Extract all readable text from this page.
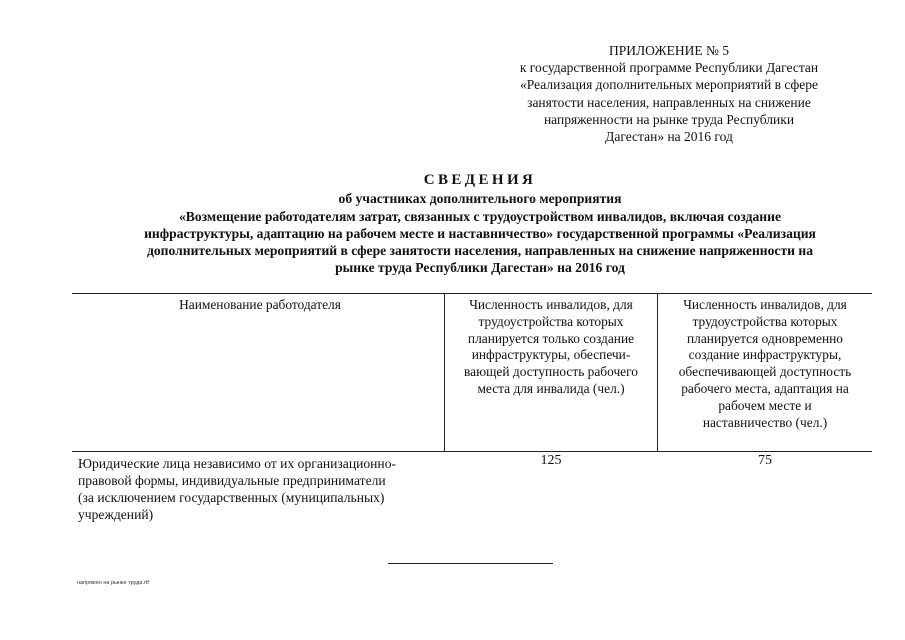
ПРИЛОЖЕНИЕ № 5
к государственной программе Республики Дагестан
«Реализация дополнительных мероприятий в сфере
занятости населения, направленных на снижение
напряженности на рынке труда Республики
Дагестан» на 2016 год
СВЕДЕНИЯ
об участниках дополнительного мероприятия
«Возмещение работодателям затрат, связанных с трудоустройством инвалидов, включая создание
инфраструктуры, адаптацию на рабочем месте и наставничество» государственной программы «Реализация
дополнительных мероприятий в сфере занятости населения, направленных на снижение напряженности на
рынке труда Республики Дагестан» на 2016 год
Наименование работодателя	Численность инвалидов, для
трудоустройства которых
планируется только создание
инфраструктуры, обеспечи-
вающей доступность рабочего
места для инвалида (чел.)
Численность инвалидов, для
трудоустройства которых
планируется одновременно
создание инфраструктуры,
обеспечивающей доступность
рабочего места, адаптация на
рабочем месте и
наставничество (чел.)
Юридические лица независимо от их организационно-
правовой формы, индивидуальные предприниматели
(за исключением государственных (муниципальных)
учреждений)
125	75
напряжен на рынке труда.rtf
